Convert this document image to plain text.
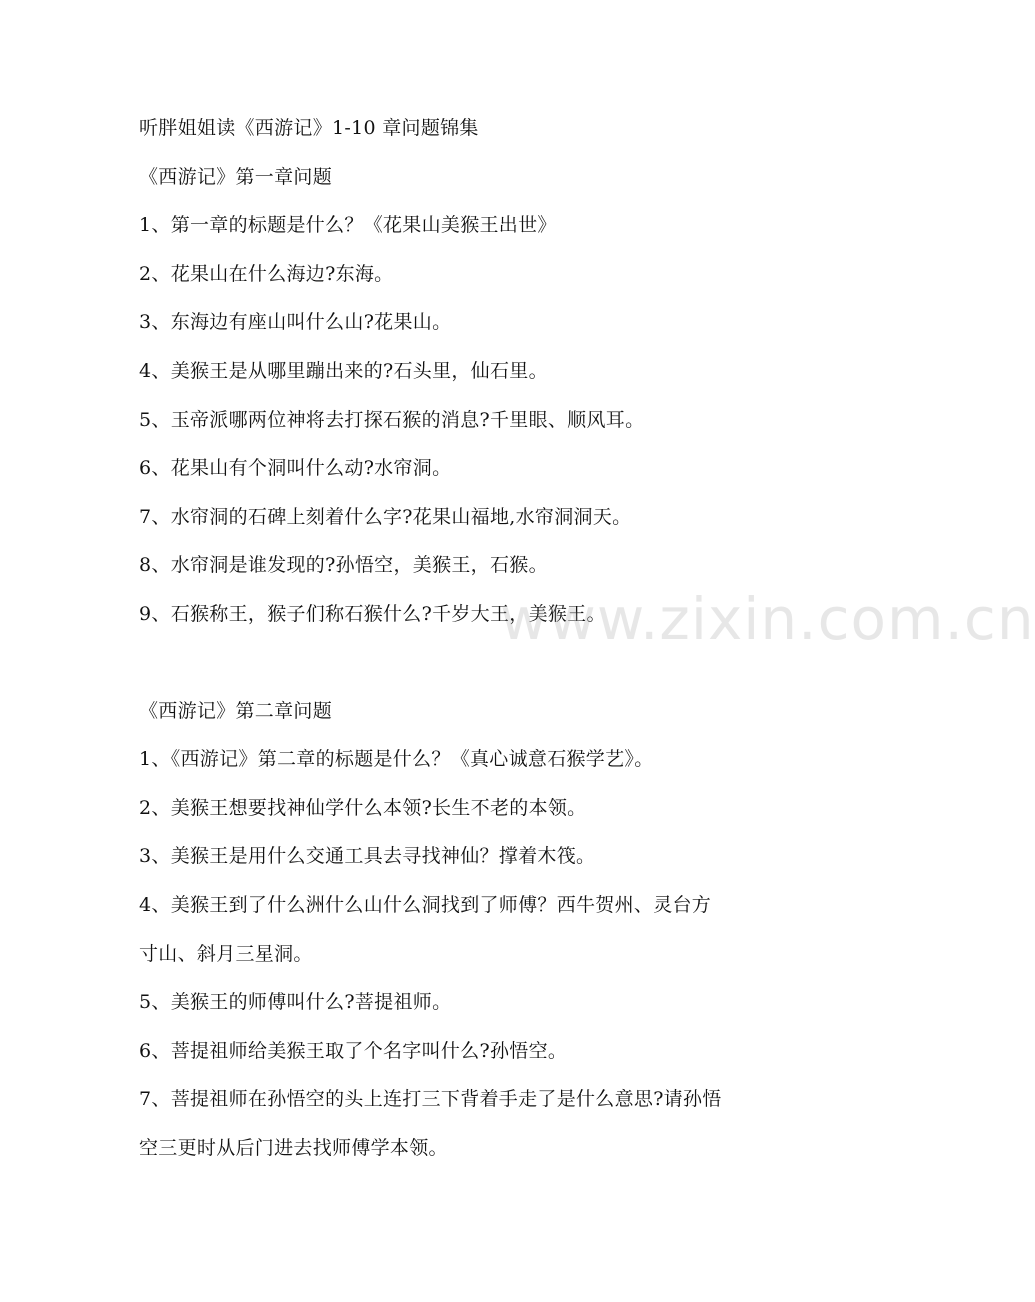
听胖姐姐读《西游记》1-10 章问题锦集
《西游记》第一章问题
1、第一章的标题是什么？《花果山美猴王出世》
2、花果山在什么海边?东海。
3、东海边有座山叫什么山?花果山。
4、美猴王是从哪里蹦出来的?石头里，仙石里。
5、玉帝派哪两位神将去打探石猴的消息?千里眼、顺风耳。
6、花果山有个洞叫什么动?水帘洞。
7、水帘洞的石碑上刻着什么字?花果山福地,水帘洞洞天。
8、水帘洞是谁发现的?孙悟空，美猴王，石猴。
9、石猴称王，猴子们称石猴什么?千岁大王，美猴王。
《西游记》第二章问题
1、《西游记》第二章的标题是什么？《真心诚意石猴学艺》。
2、美猴王想要找神仙学什么本领?长生不老的本领。
3、美猴王是用什么交通工具去寻找神仙？撑着木筏。
4、美猴王到了什么洲什么山什么洞找到了师傅？西牛贺州、灵台方
寸山、斜月三星洞。
5、美猴王的师傅叫什么?菩提祖师。
6、菩提祖师给美猴王取了个名字叫什么?孙悟空。
7、菩提祖师在孙悟空的头上连打三下背着手走了是什么意思?请孙悟
空三更时从后门进去找师傅学本领。
www.zixin.com.cn
